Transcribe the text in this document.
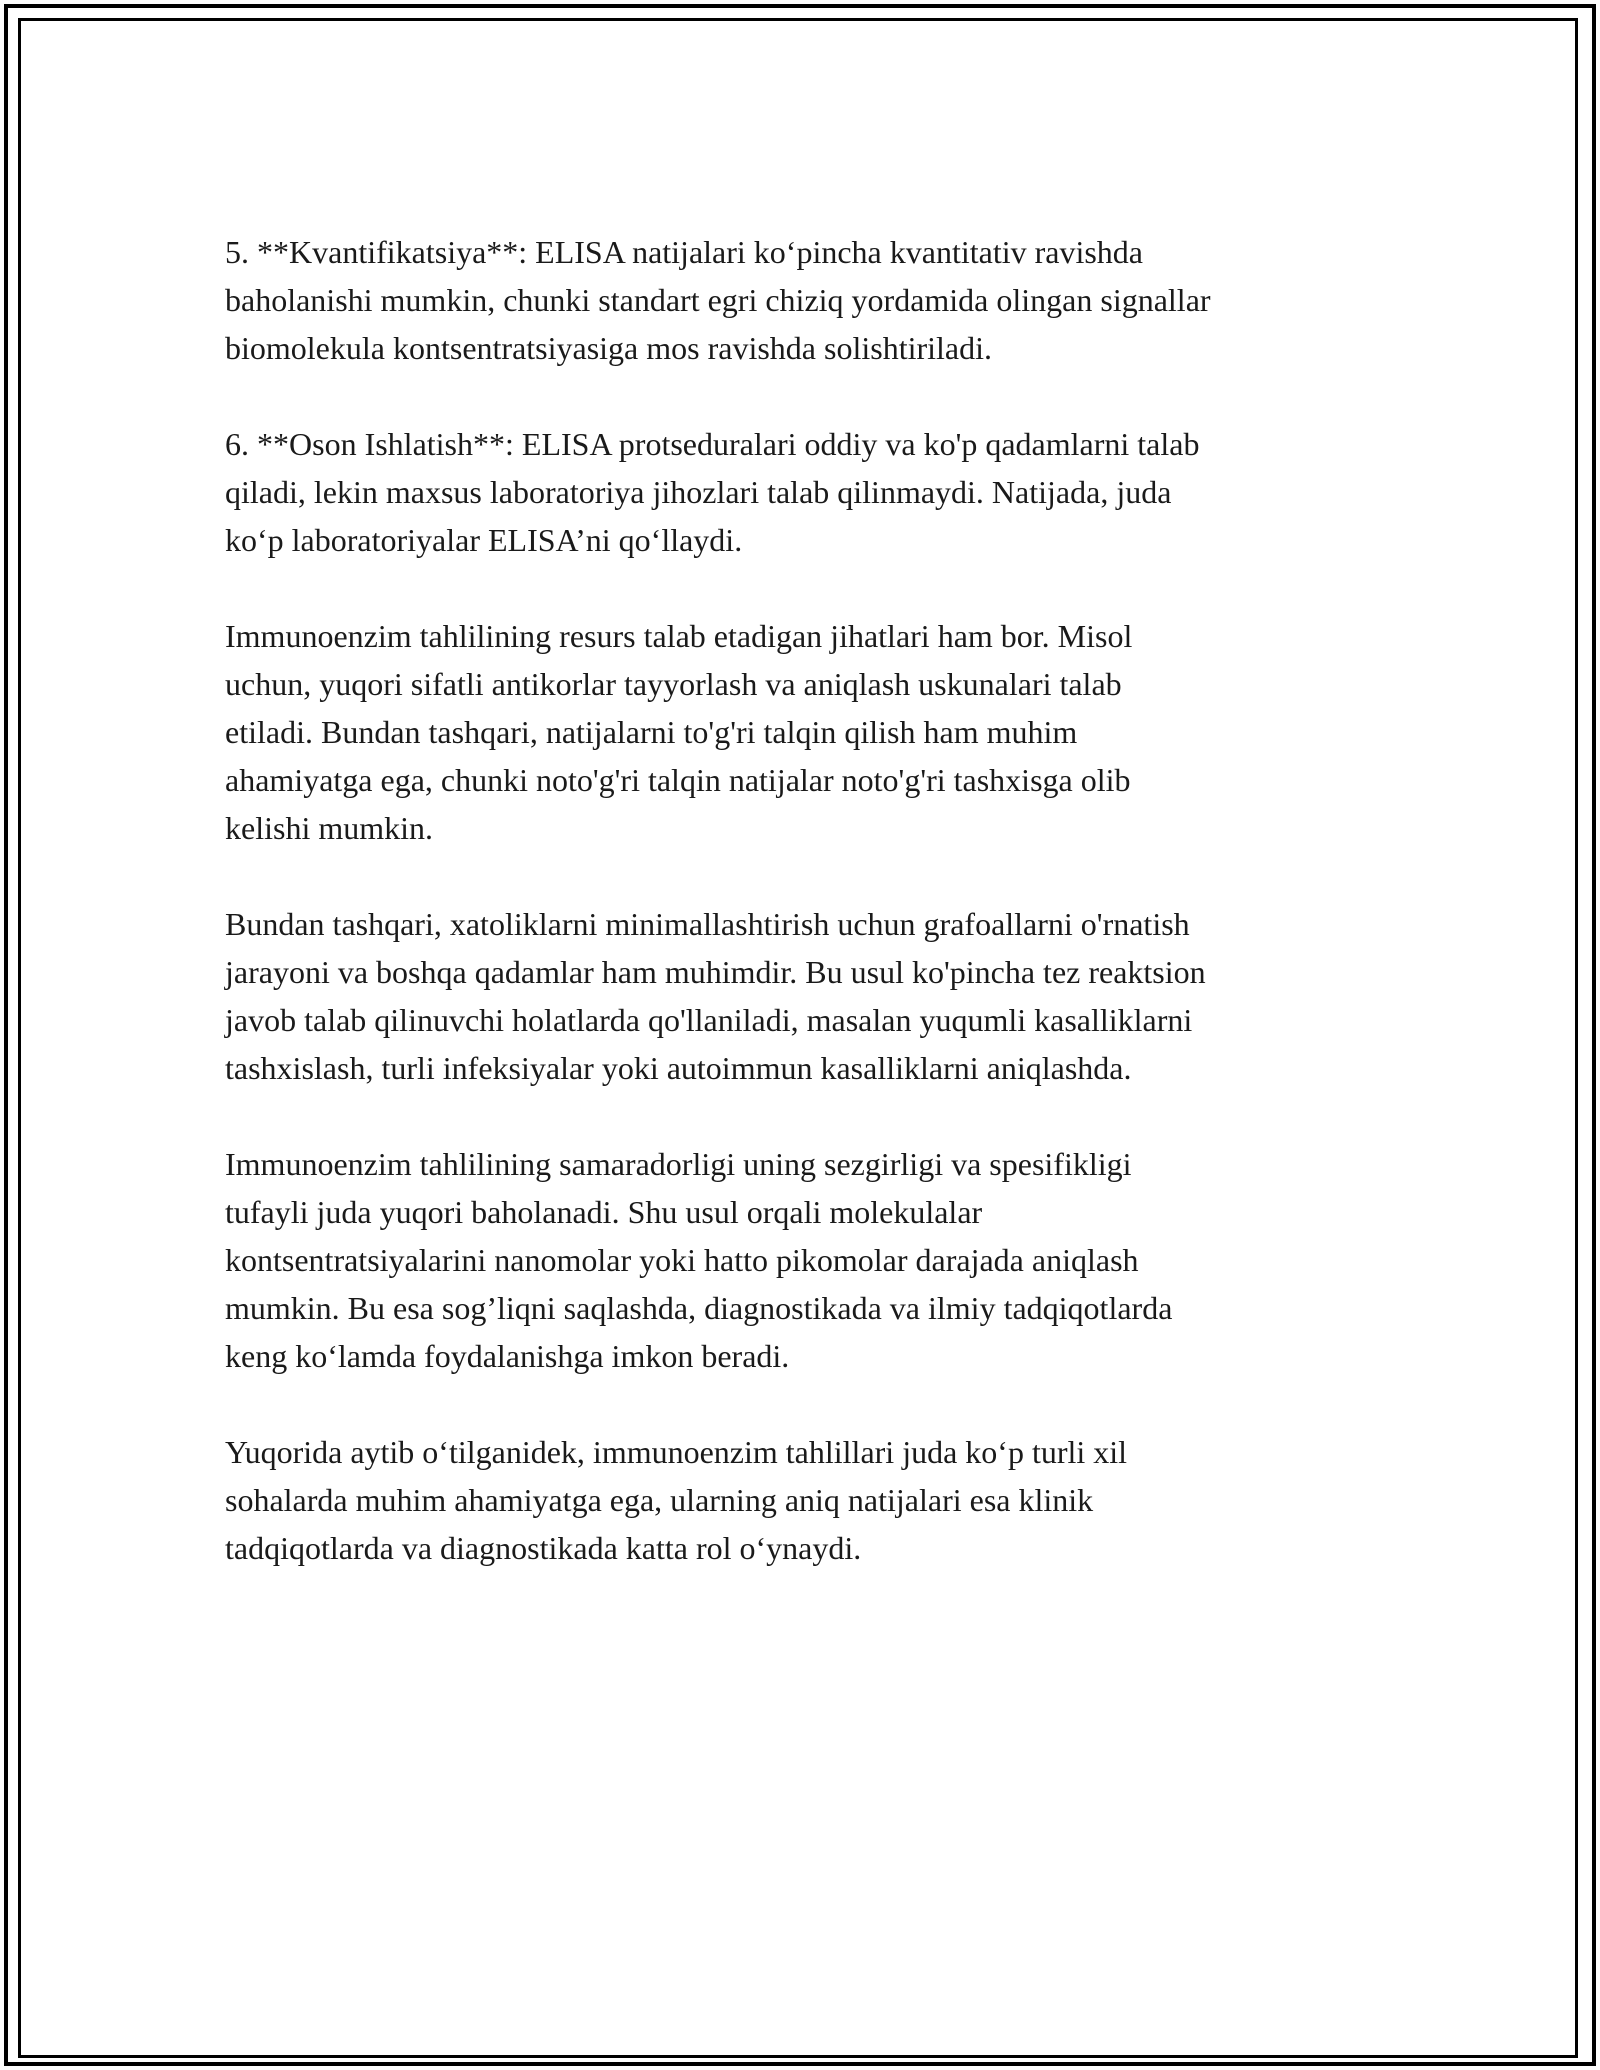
5. **Kvantifikatsiya**: ELISA natijalari ko‘pincha kvantitativ ravishda
baholanishi mumkin, chunki standart egri chiziq yordamida olingan signallar
biomolekula kontsentratsiyasiga mos ravishda solishtiriladi.

6. **Oson Ishlatish**: ELISA protseduralari oddiy va ko'p qadamlarni talab
qiladi, lekin maxsus laboratoriya jihozlari talab qilinmaydi. Natijada, juda
ko‘p laboratoriyalar ELISA’ni qo‘llaydi.

Immunoenzim tahlilining resurs talab etadigan jihatlari ham bor. Misol
uchun, yuqori sifatli antikorlar tayyorlash va aniqlash uskunalari talab
etiladi. Bundan tashqari, natijalarni to'g'ri talqin qilish ham muhim
ahamiyatga ega, chunki noto'g'ri talqin natijalar noto'g'ri tashxisga olib
kelishi mumkin.

Bundan tashqari, xatoliklarni minimallashtirish uchun grafoallarni o'rnatish
jarayoni va boshqa qadamlar ham muhimdir. Bu usul ko'pincha tez reaktsion
javob talab qilinuvchi holatlarda qo'llaniladi, masalan yuqumli kasalliklarni
tashxislash, turli infeksiyalar yoki autoimmun kasalliklarni aniqlashda.

Immunoenzim tahlilining samaradorligi uning sezgirligi va spesifikligi
tufayli juda yuqori baholanadi. Shu usul orqali molekulalar
kontsentratsiyalarini nanomolar yoki hatto pikomolar darajada aniqlash
mumkin. Bu esa sog’liqni saqlashda, diagnostikada va ilmiy tadqiqotlarda
keng ko‘lamda foydalanishga imkon beradi.

Yuqorida aytib o‘tilganidek, immunoenzim tahlillari juda ko‘p turli xil
sohalarda muhim ahamiyatga ega, ularning aniq natijalari esa klinik
tadqiqotlarda va diagnostikada katta rol o‘ynaydi.
